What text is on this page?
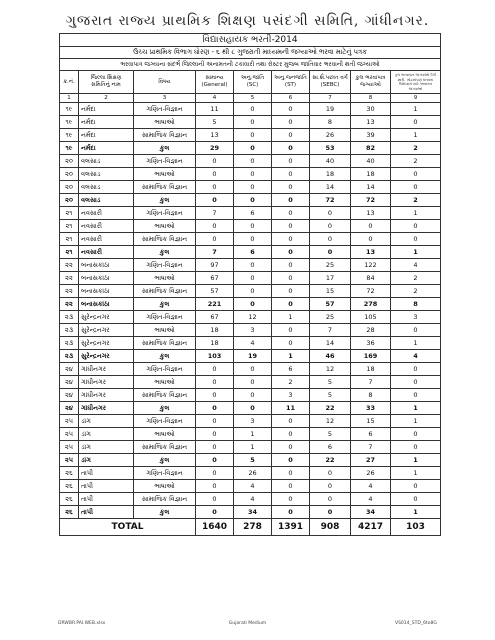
ગુજરાત રાજ્ય પ્રાથમિક શિક્ષણ પસંદગી સમિતિ, ગાંધીનગર.
વિદ્યાસહાયક ભરતી-2014								
ઉચ્ચ પ્રાથમિક વિભાગ ધોરણ - ૬ થી ૮ ગુજરાતી માધ્યમની જગ્યાઓ ભરવા માટેનું પત્રક								
ભરવાપાત્ર જગ્યાના સંદર્ભે જિલ્લાની અનામતની ટકાવારી તથા રોસ્ટર મુજબ જાતિવાર ભરવાની થતી જગ્યાઓ								
ક્ર.નં.	જિલ્લા શિક્ષણ સમિતિનું નામ	વિષય	સામાન્ય (General)	અનુ.જાતિ (SC)	અનુ.જનજાતિ (ST)	સા.શૈ.પછાત વર્ગ (SEBC)	કુલ ભરવાપાત્ર જગ્યાઓ	કુલ ભરવાપાત્ર જગ્યાઓ પૈકી શારી. ખોડખાંપણ ધરાવતા ઉમેદવારો માટે અનામત જગ્યાઓ
1	2	3	4	5	6	7	8	9
૧૯	નર્મદા	ગણિત-વિજ્ઞાન	11	0	0	19	30	1
૧૯	નર્મદા	ભાષાઓ	5	0	0	8	13	0
૧૯	નર્મદા	સામાજિક વિજ્ઞાન	13	0	0	26	39	1
૧૯	નર્મદા	કુલ	29	0	0	53	82	2
૨૦	વલસાડ	ગણિત-વિજ્ઞાન	0	0	0	40	40	2
૨૦	વલસાડ	ભાષાઓ	0	0	0	18	18	0
૨૦	વલસાડ	સામાજિક વિજ્ઞાન	0	0	0	14	14	0
૨૦	વલસાડ	કુલ	0	0	0	72	72	2
૨૧	નવસારી	ગણિત-વિજ્ઞાન	7	6	0	0	13	1
૨૧	નવસારી	ભાષાઓ	0	0	0	0	0	0
૨૧	નવસારી	સામાજિક વિજ્ઞાન	0	0	0	0	0	0
૨૧	નવસારી	કુલ	7	6	0	0	13	1
૨૨	બનાસકાંઠા	ગણિત-વિજ્ઞાન	97	0	0	25	122	4
૨૨	બનાસકાંઠા	ભાષાઓ	67	0	0	17	84	2
૨૨	બનાસકાંઠા	સામાજિક વિજ્ઞાન	57	0	0	15	72	2
૨૨	બનાસકાંઠા	કુલ	221	0	0	57	278	8
૨૩	સુરેન્દ્રનગર	ગણિત-વિજ્ઞાન	67	12	1	25	105	3
૨૩	સુરેન્દ્રનગર	ભાષાઓ	18	3	0	7	28	0
૨૩	સુરેન્દ્રનગર	સામાજિક વિજ્ઞાન	18	4	0	14	36	1
૨૩	સુરેન્દ્રનગર	કુલ	103	19	1	46	169	4
૨૪	ગાંધીનગર	ગણિત-વિજ્ઞાન	0	0	6	12	18	0
૨૪	ગાંધીનગર	ભાષાઓ	0	0	2	5	7	0
૨૪	ગાંધીનગર	સામાજિક વિજ્ઞાન	0	0	3	5	8	0
૨૪	ગાંધીનગર	કુલ	0	0	11	22	33	1
૨૫	ડાંગ	ગણિત-વિજ્ઞાન	0	3	0	12	15	1
૨૫	ડાંગ	ભાષાઓ	0	1	0	5	6	0
૨૫	ડાંગ	સામાજિક વિજ્ઞાન	0	1	0	6	7	0
૨૫	ડાંગ	કુલ	0	5	0	22	27	1
૨૬	તાપી	ગણિત-વિજ્ઞાન	0	26	0	0	26	1
૨૬	તાપી	ભાષાઓ	0	4	0	0	4	0
૨૬	તાપી	સામાજિક વિજ્ઞાન	0	4	0	0	4	0
૨૬	તાપી	કુલ	0	34	0	0	34	1
TOTAL			1640	278	1391	908	4217	103
DRWBR.PAI.WEB.xlsx	Gujarati Medium	VS014_STD_6to8G
